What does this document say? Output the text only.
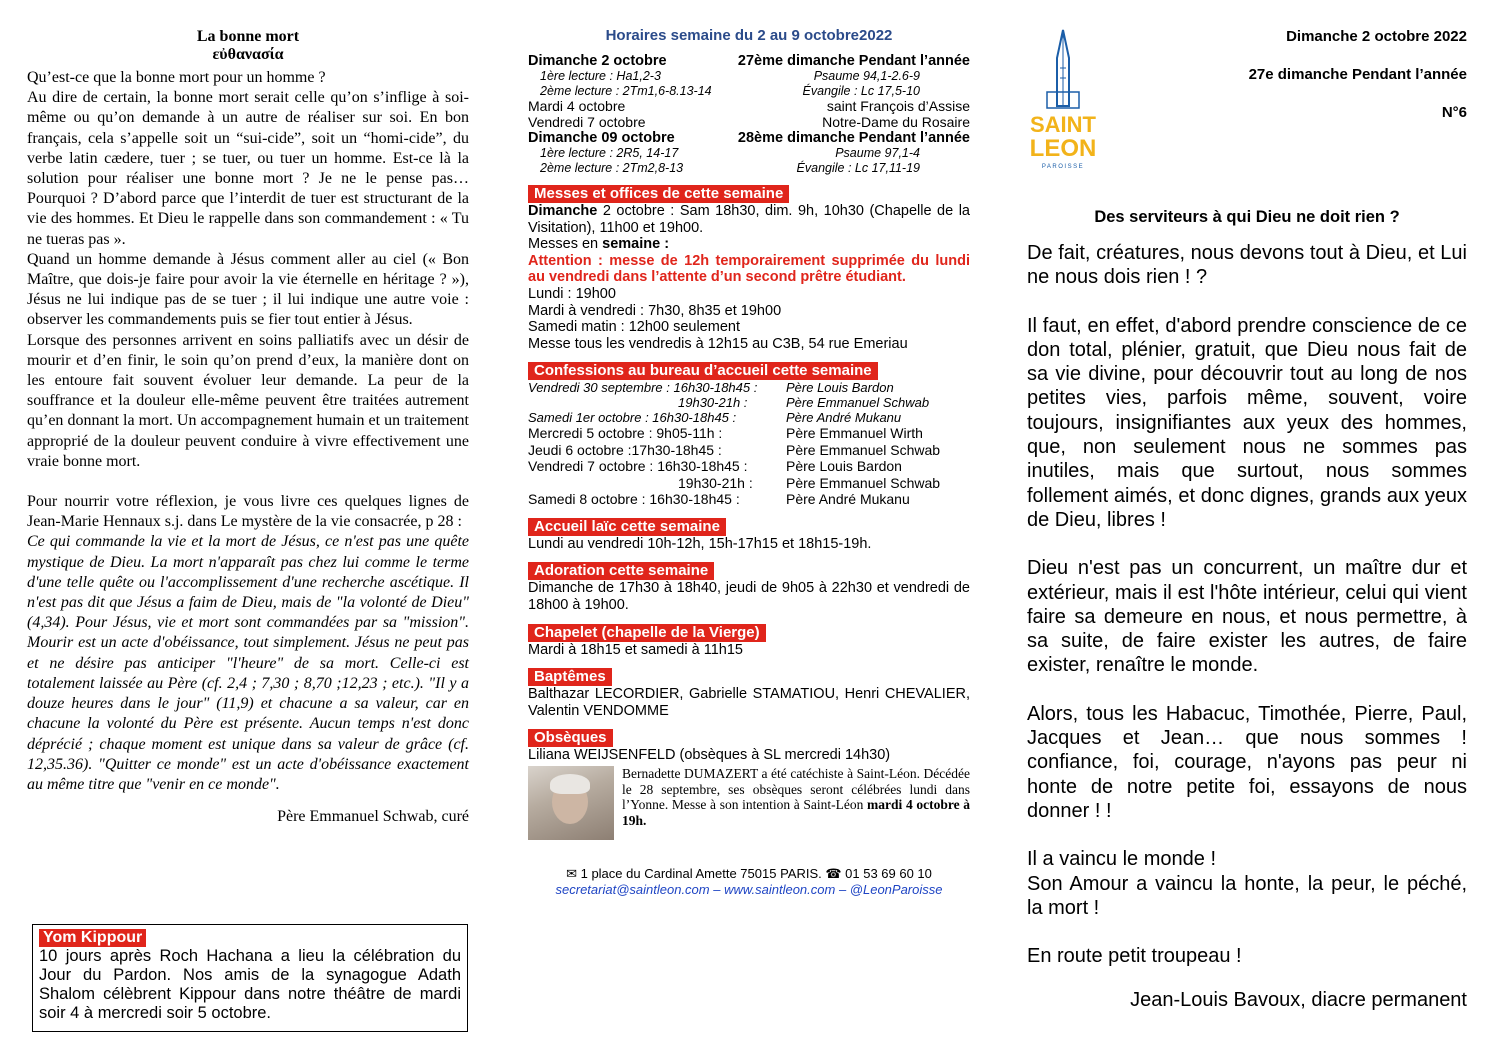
La bonne mort
εὐθανασία

Qu’est-ce que la bonne mort pour un homme ?

Au dire de certain, la bonne mort serait celle qu’on s’inflige à soi-même ou qu’on demande à un autre de réaliser sur soi. En bon français, cela s’appelle soit un “sui-cide”, soit un “homi-cide”, du verbe latin cædere, tuer ; se tuer, ou tuer un homme. Est-ce là la solution pour réaliser une bonne mort ? Je ne le pense pas… Pourquoi ? D’abord parce que l’interdit de tuer est structurant de la vie des hommes. Et Dieu le rappelle dans son commandement : « Tu ne tueras pas ».

Quand un homme demande à Jésus comment aller au ciel (« Bon Maître, que dois-je faire pour avoir la vie éternelle en héritage ? »), Jésus ne lui indique pas de se tuer ; il lui indique une autre voie : observer les commandements puis se fier tout entier à Jésus.

Lorsque des personnes arrivent en soins palliatifs avec un désir de mourir et d’en finir, le soin qu’on prend d’eux, la manière dont on les entoure fait souvent évoluer leur demande. La peur de la souffrance et la douleur elle-même peuvent être traitées autrement qu’en donnant la mort. Un accompagnement humain et un traitement approprié de la douleur peuvent conduire à vivre effectivement une vraie bonne mort.

Pour nourrir votre réflexion, je vous livre ces quelques lignes de Jean-Marie Hennaux s.j. dans Le mystère de la vie consacrée, p 28 :

Ce qui commande la vie et la mort de Jésus, ce n'est pas une quête mystique de Dieu. La mort n'apparaît pas chez lui comme le terme d'une telle quête ou l'accomplissement d'une recherche ascétique. Il n'est pas dit que Jésus a faim de Dieu, mais de "la volonté de Dieu" (4,34). Pour Jésus, vie et mort sont commandées par sa "mission". Mourir est un acte d'obéissance, tout simplement. Jésus ne peut pas et ne désire pas anticiper "l'heure" de sa mort. Celle-ci est totalement laissée au Père (cf. 2,4 ; 7,30 ; 8,70 ;12,23 ; etc.). "Il y a douze heures dans le jour" (11,9) et chacune a sa valeur, car en chacune la volonté du Père est présente. Aucun temps n'est donc déprécié ; chaque moment est unique dans sa valeur de grâce (cf. 12,35.36). "Quitter ce monde" est un acte d'obéissance exactement au même titre que "venir en ce monde".

Père Emmanuel Schwab, curé

Yom Kippour
10 jours après Roch Hachana a lieu la célébration du Jour du Pardon. Nos amis de la synagogue Adath Shalom célèbrent Kippour dans notre théâtre de mardi soir 4 à mercredi soir 5 octobre.
Horaires semaine du 2 au 9 octobre2022
Dimanche 2 octobre	27ème dimanche Pendant l’année
1ère lecture : Ha1,2-3	Psaume 94,1-2.6-9
2ème lecture : 2Tm1,6-8.13-14	Évangile : Lc 17,5-10
Mardi 4 octobre	saint François d’Assise
Vendredi 7 octobre	Notre-Dame du Rosaire
Dimanche 09 octobre	28ème dimanche Pendant l’année
1ère lecture : 2R5, 14-17	Psaume 97,1-4
2ème lecture : 2Tm2,8-13	Évangile : Lc 17,11-19
Messes et offices de cette semaine
Dimanche 2 octobre : Sam 18h30, dim. 9h, 10h30 (Chapelle de la Visitation), 11h00 et 19h00.
Messes en semaine :
Attention : messe de 12h temporairement supprimée du lundi au vendredi dans l’attente d’un second prêtre étudiant.
Lundi : 19h00
Mardi à vendredi : 7h30, 8h35 et 19h00
Samedi matin : 12h00 seulement
Messe tous les vendredis à 12h15 au C3B, 54 rue Emeriau
Confessions au bureau d’accueil cette semaine
Vendredi 30 septembre : 16h30-18h45 :	Père Louis Bardon
19h30-21h :	Père Emmanuel Schwab
Samedi 1er octobre : 16h30-18h45 :	Père André Mukanu
Mercredi 5 octobre : 9h05-11h :	Père Emmanuel Wirth
Jeudi 6 octobre :17h30-18h45 :	Père Emmanuel Schwab
Vendredi 7 octobre : 16h30-18h45 :	Père Louis Bardon
19h30-21h :	Père Emmanuel Schwab
Samedi 8 octobre : 16h30-18h45 :	Père André Mukanu
Accueil laïc cette semaine
Lundi au vendredi 10h-12h, 15h-17h15 et 18h15-19h.
Adoration cette semaine
Dimanche de 17h30 à 18h40, jeudi de 9h05 à 22h30 et vendredi de 18h00 à 19h00.
Chapelet (chapelle de la Vierge)
Mardi à 18h15 et samedi à 11h15
Baptêmes
Balthazar LECORDIER, Gabrielle STAMATIOU, Henri CHEVALIER, Valentin VENDOMME
Obsèques
Liliana WEIJSENFELD (obsèques à SL mercredi 14h30)
Bernadette DUMAZERT a été catéchiste à Saint-Léon. Décédée le 28 septembre, ses obsèques seront célébrées lundi dans l’Yonne. Messe à son intention à Saint-Léon mardi 4 octobre à 19h.
✉ 1 place du Cardinal Amette 75015 PARIS. ☎ 01 53 69 60 10
secretariat@saintleon.com – www.saintleon.com – @LeonParoisse
SAINT
LEON
PAROISSE
Dimanche 2 octobre 2022
27e dimanche Pendant l’année
N°6
Des serviteurs à qui Dieu ne doit rien ?

De fait, créatures, nous devons tout à Dieu, et Lui ne nous dois rien ! ?

Il faut, en effet, d'abord prendre conscience de ce don total, plénier, gratuit, que Dieu nous fait de sa vie divine, pour découvrir tout au long de nos petites vies, parfois même, souvent, voire toujours, insignifiantes aux yeux des hommes, que, non seulement nous ne sommes pas inutiles, mais que surtout, nous sommes follement aimés, et donc dignes, grands aux yeux de Dieu, libres !

Dieu n'est pas un concurrent, un maître dur et extérieur, mais il est l'hôte intérieur, celui qui vient faire sa demeure en nous, et nous permettre, à sa suite, de faire exister les autres, de faire exister, renaître le monde.

Alors, tous les Habacuc, Timothée, Pierre, Paul, Jacques et Jean… que nous sommes ! confiance, foi, courage, n'ayons pas peur ni honte de notre petite foi, essayons de nous donner ! !

Il a vaincu le monde !

Son Amour a vaincu la honte, la peur, le péché, la mort !

En route petit troupeau !

Jean-Louis Bavoux, diacre permanent
